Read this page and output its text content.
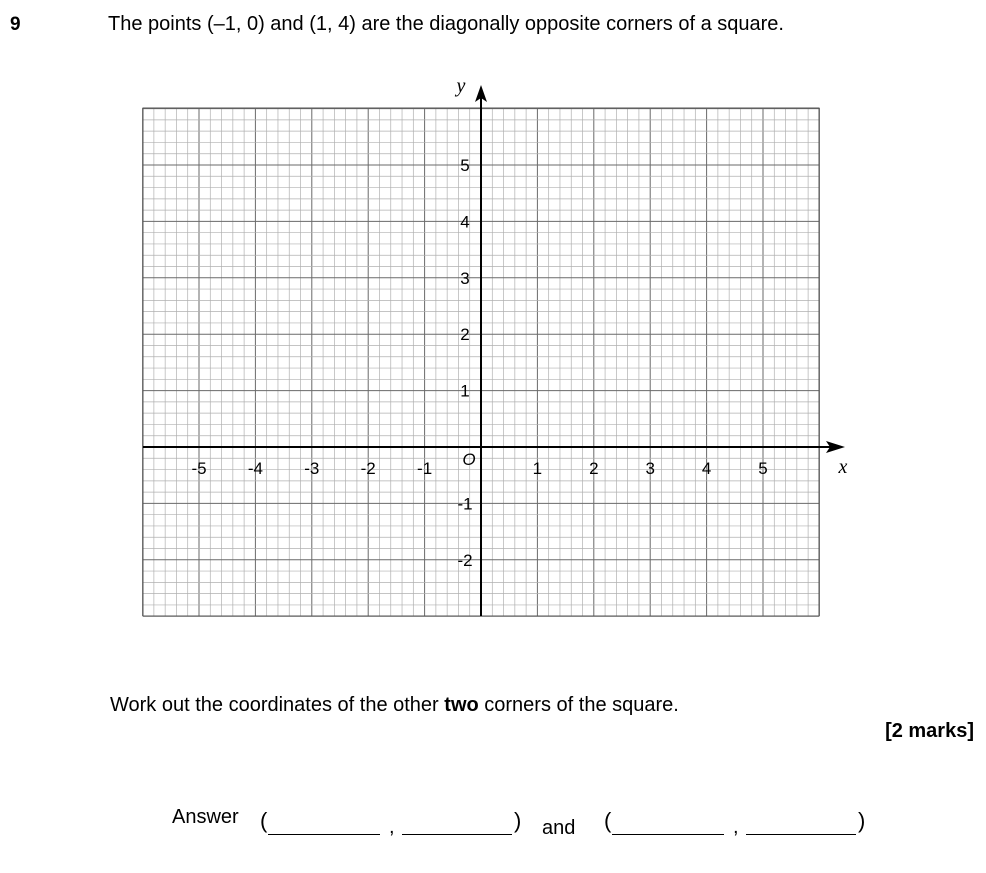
9	The points (–1, 0) and (1, 4) are the diagonally opposite corners of a square.
x
y
O
-5 -4 -3 -2 -1	1	2	3	4	5
5
4
3
2
1
-1
-2
Work out the coordinates of the other two corners of the square.
[2 marks]
Answer (	,	) and (	,	)
